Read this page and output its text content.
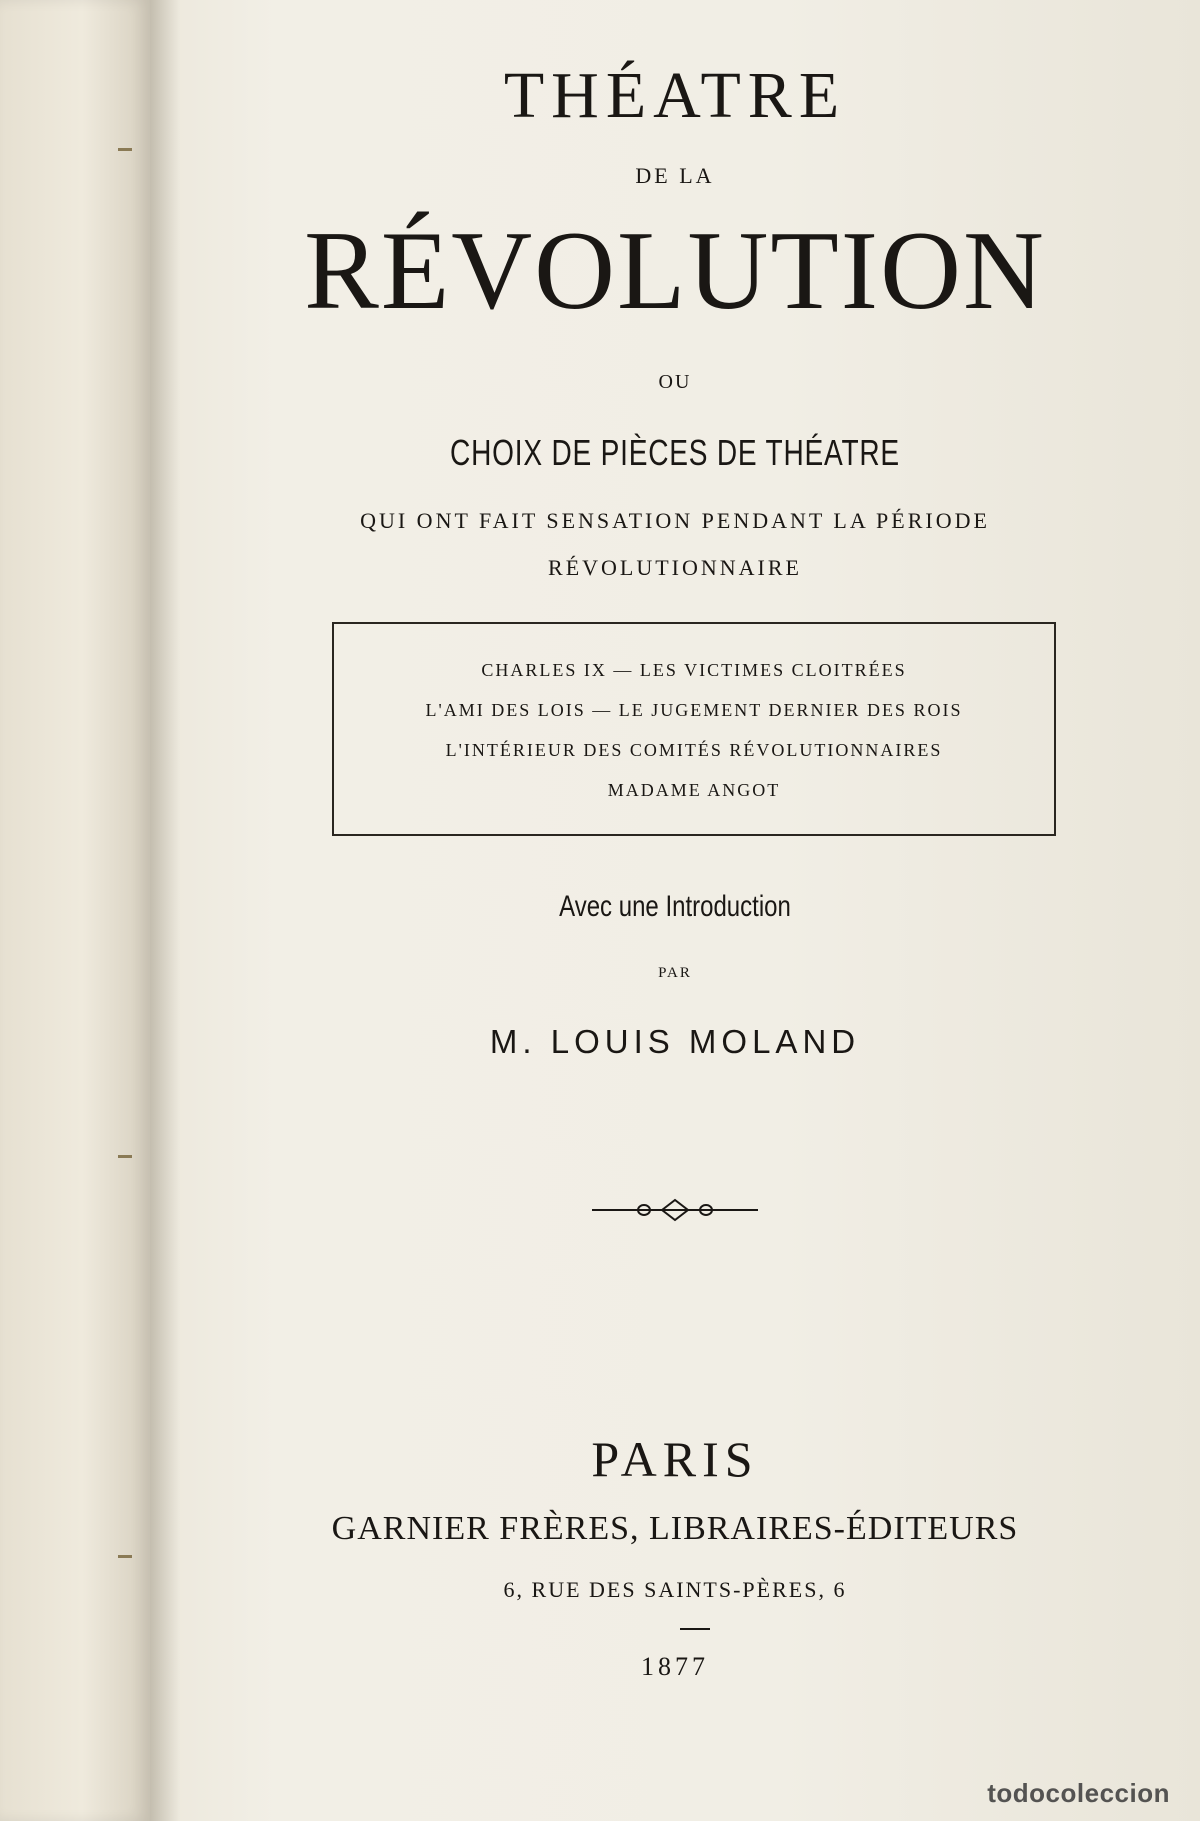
THÉATRE
DE LA
RÉVOLUTION
OU
CHOIX DE PIÈCES DE THÉATRE
QUI ONT FAIT SENSATION PENDANT LA PÉRIODE
RÉVOLUTIONNAIRE
CHARLES IX — LES VICTIMES CLOITRÉES
L'AMI DES LOIS — LE JUGEMENT DERNIER DES ROIS
L'INTÉRIEUR DES COMITÉS RÉVOLUTIONNAIRES
MADAME ANGOT
Avec une Introduction
PAR
M. LOUIS MOLAND
PARIS
GARNIER FRÈRES, LIBRAIRES-ÉDITEURS
6, RUE DES SAINTS-PÈRES, 6
1877
todocoleccion
